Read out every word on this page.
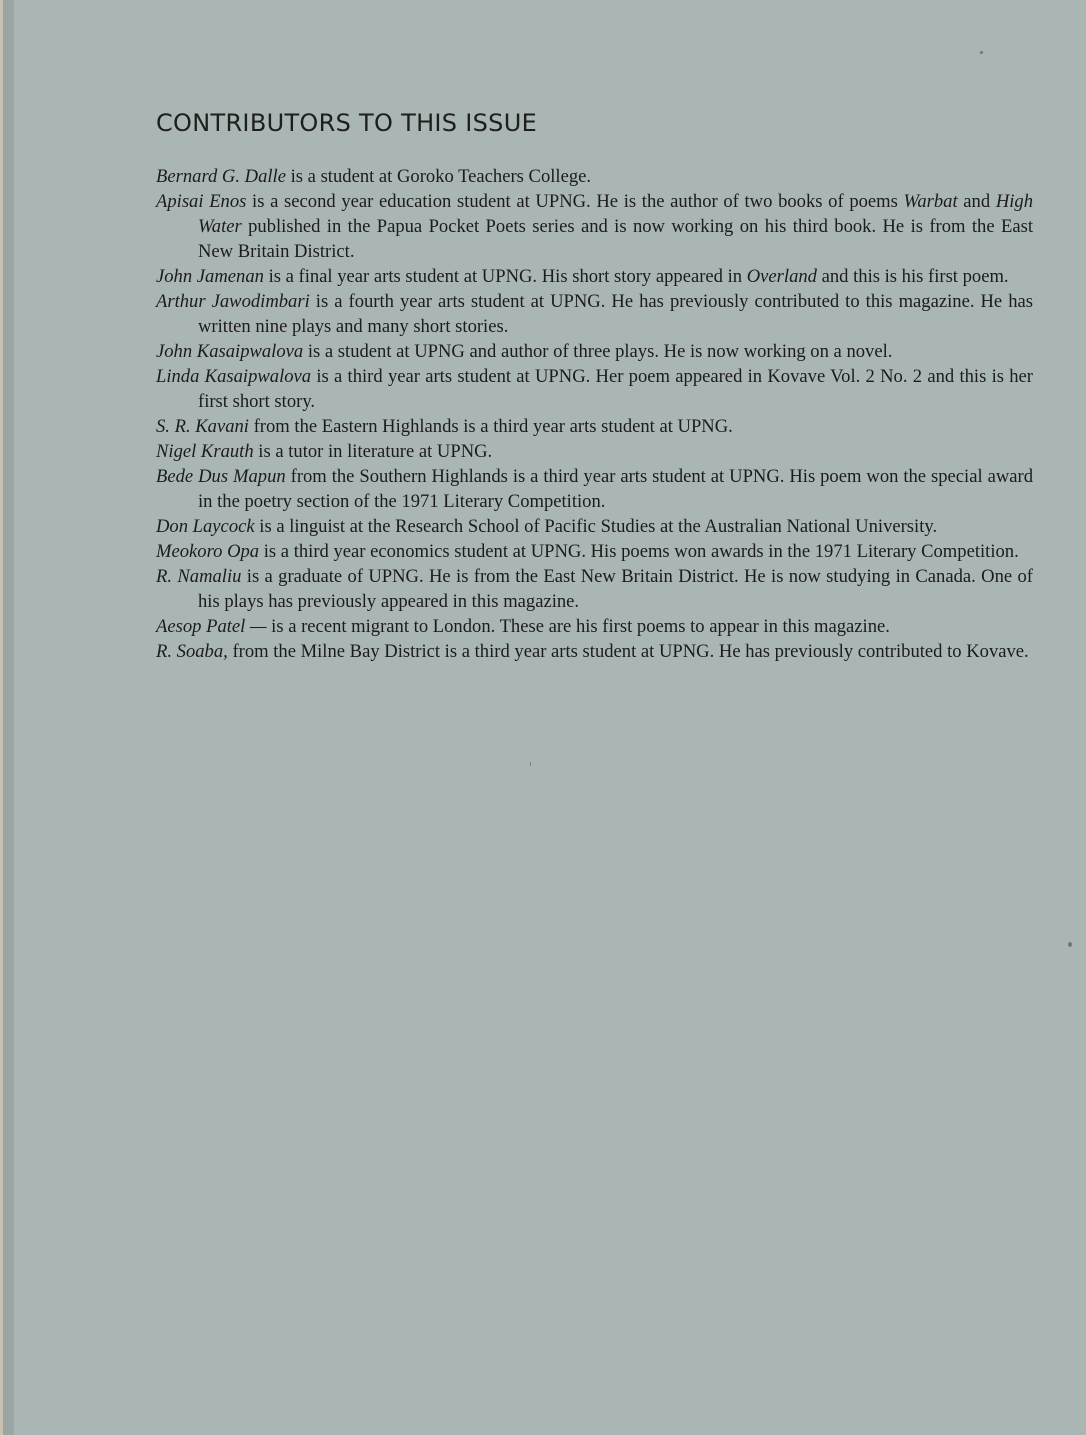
CONTRIBUTORS TO THIS ISSUE
Bernard G. Dalle is a student at Goroko Teachers College.
Apisai Enos is a second year education student at UPNG. He is the author of two books of poems Warbat and High Water published in the Papua Pocket Poets series and is now working on his third book. He is from the East New Britain District.
John Jamenan is a final year arts student at UPNG. His short story appeared in Overland and this is his first poem.
Arthur Jawodimbari is a fourth year arts student at UPNG. He has previously contributed to this magazine. He has written nine plays and many short stories.
John Kasaipwalova is a student at UPNG and author of three plays. He is now working on a novel.
Linda Kasaipwalova is a third year arts student at UPNG. Her poem appeared in Kovave Vol. 2 No. 2 and this is her first short story.
S. R. Kavani from the Eastern Highlands is a third year arts student at UPNG.
Nigel Krauth is a tutor in literature at UPNG.
Bede Dus Mapun from the Southern Highlands is a third year arts student at UPNG. His poem won the special award in the poetry section of the 1971 Literary Competition.
Don Laycock is a linguist at the Research School of Pacific Studies at the Australian National University.
Meokoro Opa is a third year economics student at UPNG. His poems won awards in the 1971 Literary Competition.
R. Namaliu is a graduate of UPNG. He is from the East New Britain District. He is now studying in Canada. One of his plays has previously appeared in this magazine.
Aesop Patel — is a recent migrant to London. These are his first poems to appear in this magazine.
R. Soaba, from the Milne Bay District is a third year arts student at UPNG. He has previously contributed to Kovave.
